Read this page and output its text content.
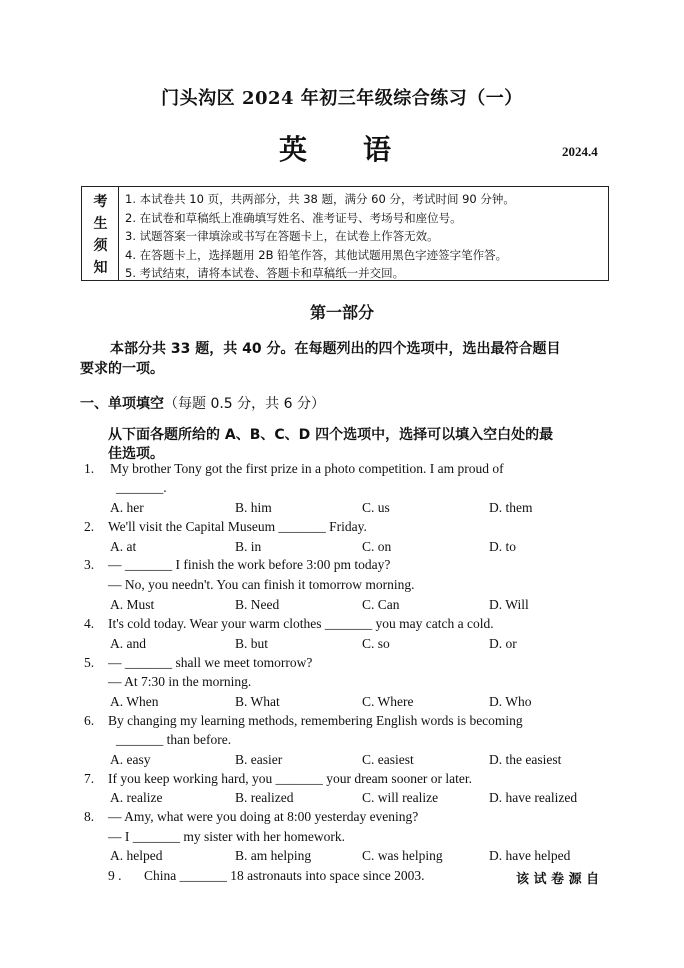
门头沟区 2024 年初三年级综合练习（一）
英　语	2024.4
考
生
须
知
1. 本试卷共 10 页，共两部分，共 38 题，满分 60 分，考试时间 90 分钟。
2. 在试卷和草稿纸上准确填写姓名、准考证号、考场号和座位号。
3. 试题答案一律填涂或书写在答题卡上，在试卷上作答无效。
4. 在答题卡上，选择题用 2B 铅笔作答，其他试题用黑色字迹签字笔作答。
5. 考试结束，请将本试卷、答题卡和草稿纸一并交回。
第一部分
本部分共 33 题，共 40 分。在每题列出的四个选项中，选出最符合题目
要求的一项。
一、单项填空（每题 0.5 分，共 6 分）
从下面各题所给的 A、B、C、D 四个选项中，选择可以填入空白处的最
佳选项。
1. My brother Tony got the first prize in a photo competition. I am proud of
_______.
A. her	B. him	C. us	D. them
2. We'll visit the Capital Museum _______ Friday.
A. at	B. in	C. on	D. to
3. — _______ I finish the work before 3:00 pm today?
— No, you needn't. You can finish it tomorrow morning.
A. Must	B. Need	C. Can	D. Will
4. It's cold today. Wear your warm clothes _______ you may catch a cold.
A. and	B. but	C. so	D. or
5. — _______ shall we meet tomorrow?
— At 7:30 in the morning.
A. When	B. What	C. Where	D. Who
6. By changing my learning methods, remembering English words is becoming
_______ than before.
A. easy	B. easier	C. easiest	D. the easiest
7. If you keep working hard, you _______ your dream sooner or later.
A. realize	B. realized	C. will realize	D. have realized
8. — Amy, what were you doing at 8:00 yesterday evening?
— I _______ my sister with her homework.
A. helped	B. am helping	C. was helping	D. have helped
9 . China _______ 18 astronauts into space since 2003.	该 试 卷 源 自
